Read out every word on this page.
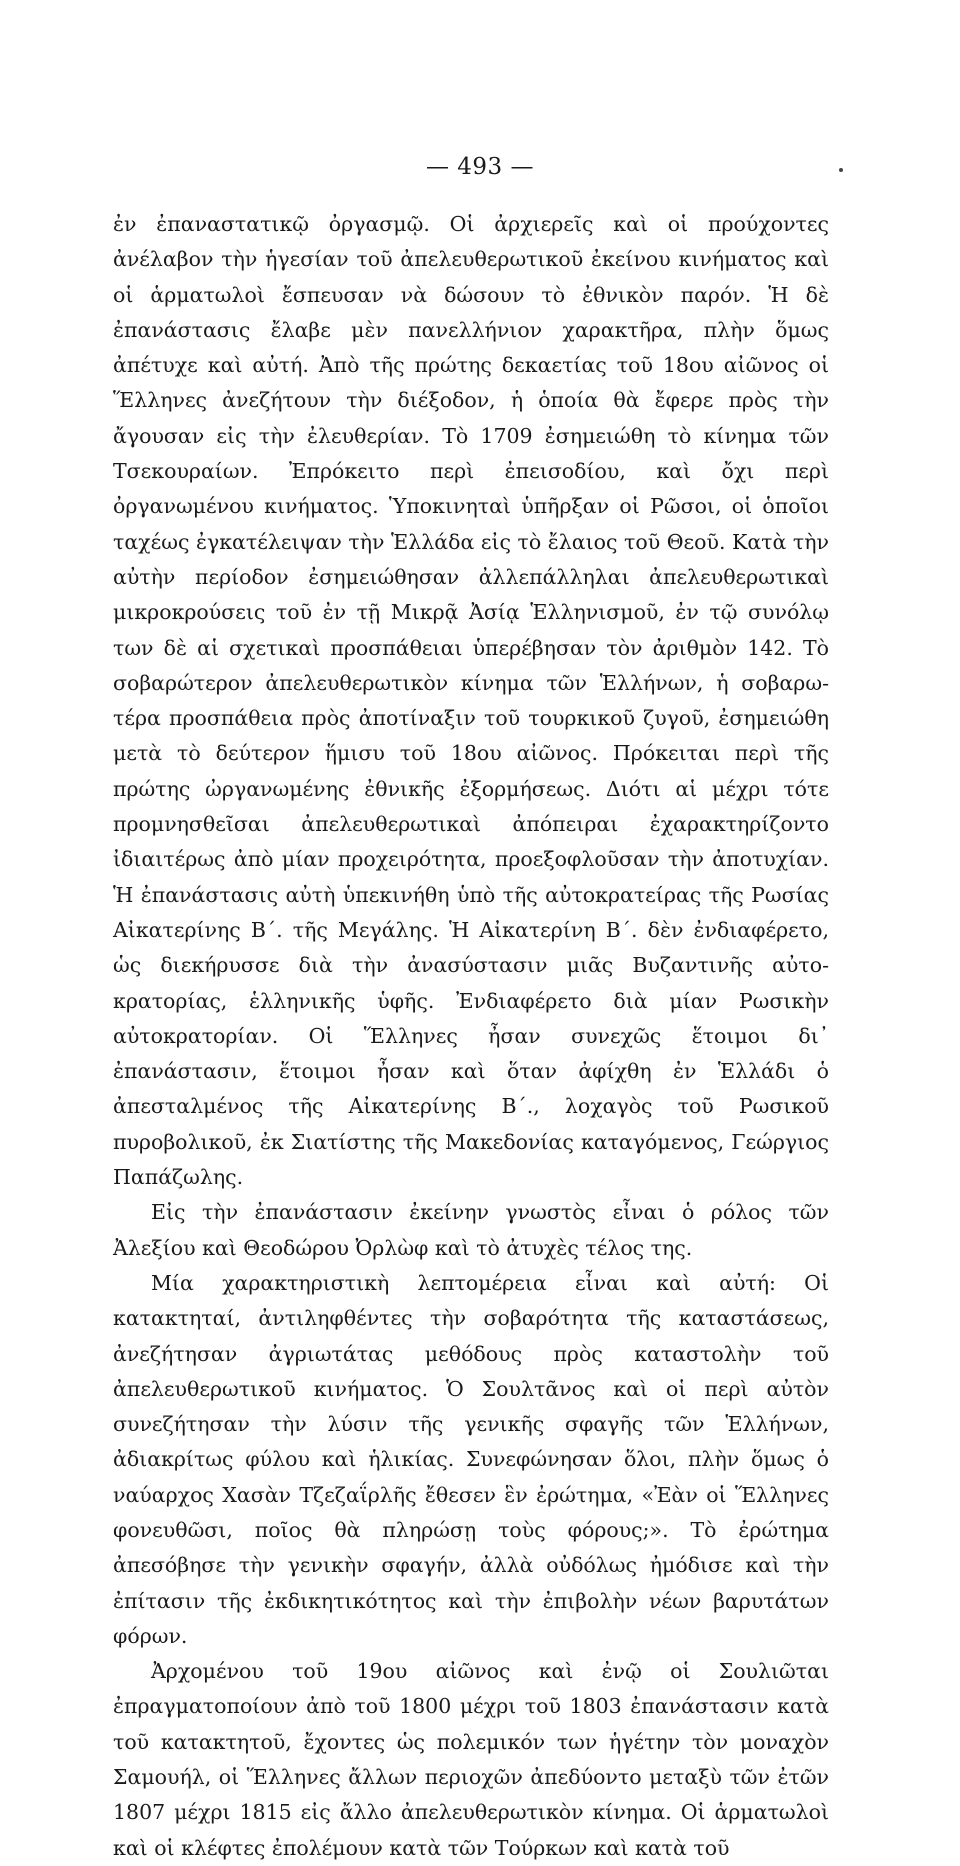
— 493 —

ἐν ἐπαναστατικῷ ὀργασμῷ. Οἱ ἀρχιερεῖς καὶ οἱ προύχοντες ἀνέλαβον τὴν ἡγεσίαν τοῦ ἀπελευθερωτικοῦ ἐκείνου κινήματος καὶ οἱ ἁρματωλοὶ ἔσπευσαν νὰ δώσουν τὸ ἐθνικὸν παρόν. Ἡ δὲ ἐπανάστασις ἔλαβε μὲν πανελλήνιον χαρακτῆρα, πλὴν ὅμως ἀπέτυχε καὶ αὐτή. Ἀπὸ τῆς πρώτης δεκαετίας τοῦ 18ου αἰῶνος οἱ Ἕλληνες ἀνεζήτουν τὴν διέξοδον, ἡ ὁποία θὰ ἔφερε πρὸς τὴν ἄγουσαν εἰς τὴν ἐλευθερίαν. Τὸ 1709 ἐσημειώθη τὸ κίνημα τῶν Τσεκουραίων. Ἐπρόκειτο περὶ ἐπεισοδίου, καὶ ὄχι περὶ ὀργανωμένου κινήματος. Ὑποκινηταὶ ὑπῆρξαν οἱ Ρῶσοι, οἱ ὁποῖοι ταχέως ἐγκατέλειψαν τὴν Ἑλλάδα εἰς τὸ ἔλαιος τοῦ Θεοῦ. Κατὰ τὴν αὐτὴν περίοδον ἐσημειώθησαν ἀλλεπάλληλαι ἀπελευθερωτικαὶ μικροκρούσεις τοῦ ἐν τῇ Μικρᾷ Ἀσίᾳ Ἑλληνισμοῦ, ἐν τῷ συνόλῳ των δὲ αἱ σχετικαὶ προσπάθειαι ὑπερέβησαν τὸν ἀριθμὸν 142. Τὸ σοβαρώτερον ἀπελευθερωτικὸν κίνημα τῶν Ἑλλήνων, ἡ σοβαρωτέρα προσπάθεια πρὸς ἀποτίναξιν τοῦ τουρκικοῦ ζυγοῦ, ἐσημειώθη μετὰ τὸ δεύτερον ἥμισυ τοῦ 18ου αἰῶνος. Πρόκειται περὶ τῆς πρώτης ὠργανωμένης ἐθνικῆς ἐξορμήσεως. Διότι αἱ μέχρι τότε προμνησθεῖσαι ἀπελευθερωτικαὶ ἀπόπειραι ἐχαρακτηρίζοντο ἰδιαιτέρως ἀπὸ μίαν προχειρότητα, προεξοφλοῦσαν τὴν ἀποτυχίαν. Ἡ ἐπανάστασις αὐτὴ ὑπεκινήθη ὑπὸ τῆς αὐτοκρατείρας τῆς Ρωσίας Αἰκατερίνης Β΄. τῆς Μεγάλης. Ἡ Αἰκατερίνη Β΄. δὲν ἐνδιαφέρετο, ὡς διεκήρυσσε διὰ τὴν ἀνασύστασιν μιᾶς Βυζαντινῆς αὐτοκρατορίας, ἑλληνικῆς ὑφῆς. Ἐνδιαφέρετο διὰ μίαν Ρωσικὴν αὐτοκρατορίαν. Οἱ Ἕλληνες ἦσαν συνεχῶς ἕτοιμοι δι᾽ ἐπανάστασιν, ἕτοιμοι ἦσαν καὶ ὅταν ἀφίχθη ἐν Ἑλλάδι ὁ ἀπεσταλμένος τῆς Αἰκατερίνης Β΄., λοχαγὸς τοῦ Ρωσικοῦ πυροβολικοῦ, ἐκ Σιατίστης τῆς Μακεδονίας καταγόμενος, Γεώργιος Παπάζωλης.

Εἰς τὴν ἐπανάστασιν ἐκείνην γνωστὸς εἶναι ὁ ρόλος τῶν Ἀλεξίου καὶ Θεοδώρου Ὀρλὼφ καὶ τὸ ἀτυχὲς τέλος της.

Μία χαρακτηριστικὴ λεπτομέρεια εἶναι καὶ αὐτή: Οἱ κατακτηταί, ἀντιληφθέντες τὴν σοβαρότητα τῆς καταστάσεως, ἀνεζήτησαν ἀγριωτάτας μεθόδους πρὸς καταστολὴν τοῦ ἀπελευθερωτικοῦ κινήματος. Ὁ Σουλτᾶνος καὶ οἱ περὶ αὐτὸν συνεζήτησαν τὴν λύσιν τῆς γενικῆς σφαγῆς τῶν Ἑλλήνων, ἀδιακρίτως φύλου καὶ ἡλικίας. Συνεφώνησαν ὅλοι, πλὴν ὅμως ὁ ναύαρχος Χασὰν Τζεζαΐρλῆς ἔθεσεν ἓν ἐρώτημα, «Ἐὰν οἱ Ἕλληνες φονευθῶσι, ποῖος θὰ πληρώσῃ τοὺς φόρους;». Τὸ ἐρώτημα ἀπεσόβησε τὴν γενικὴν σφαγήν, ἀλλὰ οὐδόλως ἠμόδισε καὶ τὴν ἐπίτασιν τῆς ἐκδικητικότητος καὶ τὴν ἐπιβολὴν νέων βαρυτάτων φόρων.

Ἀρχομένου τοῦ 19ου αἰῶνος καὶ ἐνῷ οἱ Σουλιῶται ἐπραγματοποίουν ἀπὸ τοῦ 1800 μέχρι τοῦ 1803 ἐπανάστασιν κατὰ τοῦ κατακτητοῦ, ἔχοντες ὡς πολεμικόν των ἡγέτην τὸν μοναχὸν Σαμουήλ, οἱ Ἕλληνες ἄλλων περιοχῶν ἀπεδύοντο μεταξὺ τῶν ἐτῶν 1807 μέχρι 1815 εἰς ἄλλο ἀπελευθερωτικὸν κίνημα. Οἱ ἁρματωλοὶ καὶ οἱ κλέφτες ἐπολέμουν κατὰ τῶν Τούρκων καὶ κατὰ τοῦ
